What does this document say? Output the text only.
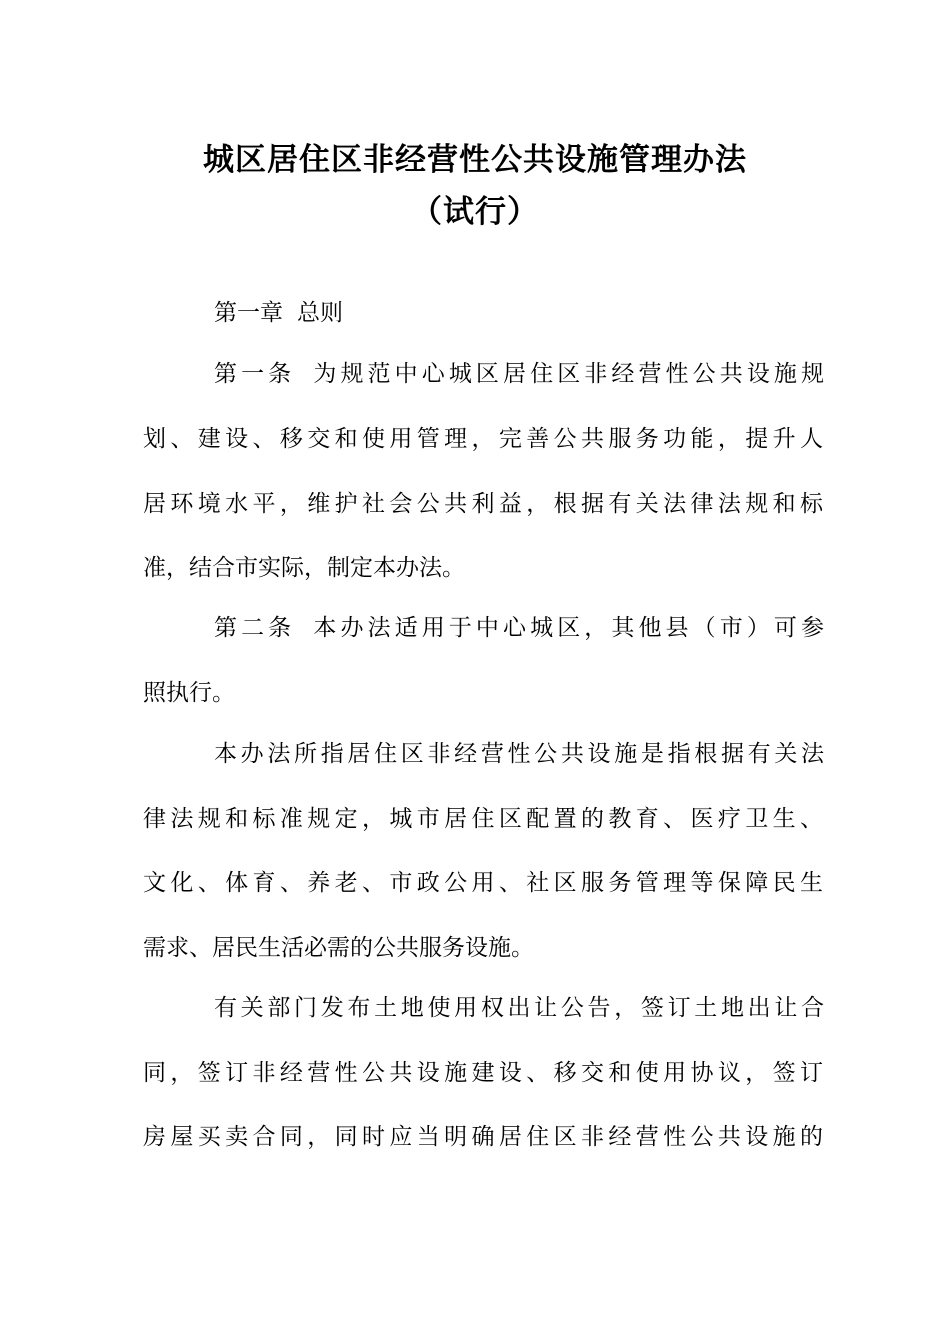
城区居住区非经营性公共设施管理办法
（试行）

第一章 总则

第一条 为规范中心城区居住区非经营性公共设施规

划、建设、移交和使用管理，完善公共服务功能，提升人

居环境水平，维护社会公共利益，根据有关法律法规和标

准，结合市实际，制定本办法。

第二条 本办法适用于中心城区，其他县（市）可参

照执行。

本办法所指居住区非经营性公共设施是指根据有关法

律法规和标准规定，城市居住区配置的教育、医疗卫生、

文化、体育、养老、市政公用、社区服务管理等保障民生

需求、居民生活必需的公共服务设施。

有关部门发布土地使用权出让公告，签订土地出让合

同，签订非经营性公共设施建设、移交和使用协议，签订

房屋买卖合同，同时应当明确居住区非经营性公共设施的
